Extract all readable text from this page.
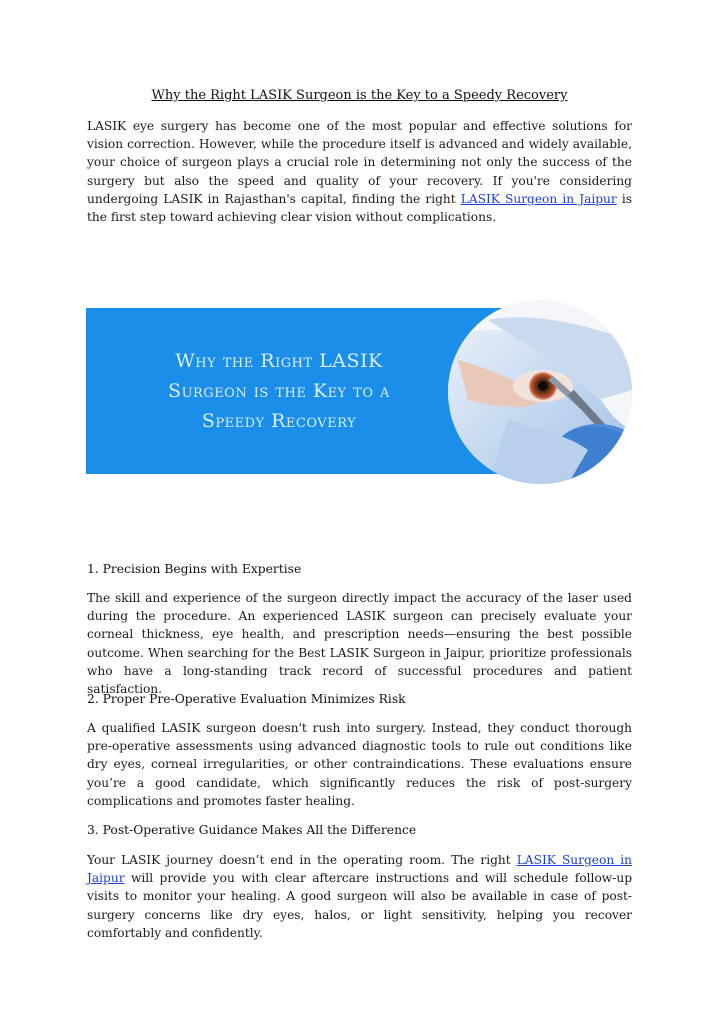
Why the Right LASIK Surgeon is the Key to a Speedy Recovery

LASIK eye surgery has become one of the most popular and effective solutions for vision correction. However, while the procedure itself is advanced and widely available, your choice of surgeon plays a crucial role in determining not only the success of the surgery but also the speed and quality of your recovery. If you're considering undergoing LASIK in Rajasthan's capital, finding the right LASIK Surgeon in Jaipur is the first step toward achieving clear vision without complications.

Why the Right LASIK
Surgeon is the Key to a
Speedy Recovery

1. Precision Begins with Expertise

The skill and experience of the surgeon directly impact the accuracy of the laser used during the procedure. An experienced LASIK surgeon can precisely evaluate your corneal thickness, eye health, and prescription needs—ensuring the best possible outcome. When searching for the Best LASIK Surgeon in Jaipur, prioritize professionals who have a long-standing track record of successful procedures and patient satisfaction.

2. Proper Pre-Operative Evaluation Minimizes Risk

A qualified LASIK surgeon doesn't rush into surgery. Instead, they conduct thorough pre-operative assessments using advanced diagnostic tools to rule out conditions like dry eyes, corneal irregularities, or other contraindications. These evaluations ensure you’re a good candidate, which significantly reduces the risk of post-surgery complications and promotes faster healing.

3. Post-Operative Guidance Makes All the Difference

Your LASIK journey doesn’t end in the operating room. The right LASIK Surgeon in Jaipur will provide you with clear aftercare instructions and will schedule follow-up visits to monitor your healing. A good surgeon will also be available in case of post-surgery concerns like dry eyes, halos, or light sensitivity, helping you recover comfortably and confidently.
